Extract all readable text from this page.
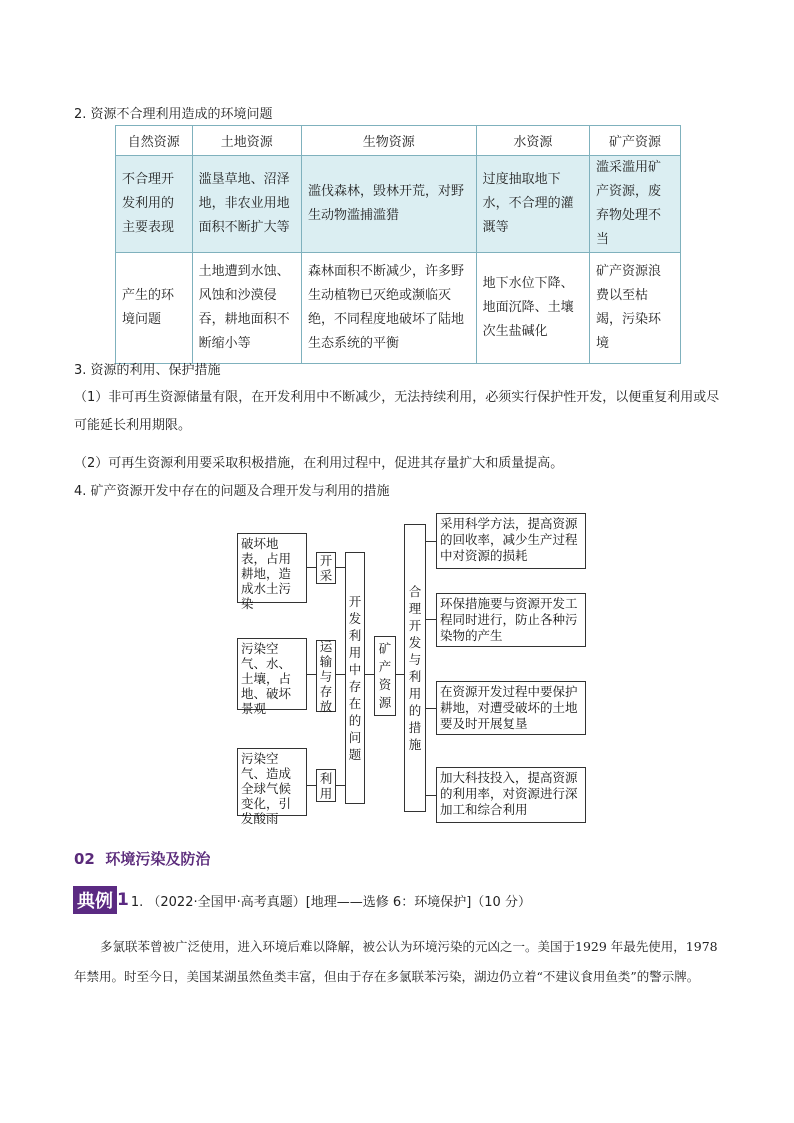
2. 资源不合理利用造成的环境问题
自然资源	土地资源	生物资源	水资源	矿产资源
不合理开发利用的主要表现	滥垦草地、沼泽地，非农业用地面积不断扩大等	滥伐森林，毁林开荒，对野生动物滥捕滥猎	过度抽取地下水，不合理的灌溉等	滥采滥用矿产资源，废弃物处理不当
产生的环境问题	土地遭到水蚀、风蚀和沙漠侵吞，耕地面积不断缩小等	森林面积不断减少，许多野生动植物已灭绝或濒临灭绝，不同程度地破坏了陆地生态系统的平衡	地下水位下降、地面沉降、土壤次生盐碱化	矿产资源浪费以至枯竭，污染环境
3. 资源的利用、保护措施
（1）非可再生资源储量有限，在开发利用中不断减少，无法持续利用，必须实行保护性开发，以便重复利用或尽可能延长利用期限。
（2）可再生资源利用要采取积极措施，在利用过程中，促进其存量扩大和质量提高。
4. 矿产资源开发中存在的问题及合理开发与利用的措施
破坏地表，占用耕地，造成水土污染
污染空气、水、土壤，占地、破坏景观
污染空气、造成全球气候变化，引发酸雨
开采
运输与存放
利用
开发利用中存在的问题
矿产资源
合理开发与利用的措施
采用科学方法，提高资源的回收率，减少生产过程中对资源的损耗
环保措施要与资源开发工程同时进行，防止各种污染物的产生
在资源开发过程中要保护耕地，对遭受破坏的土地要及时开展复垦
加大科技投入，提高资源的利用率，对资源进行深加工和综合利用
02 环境污染及防治
典例 1 1. （2022·全国甲·高考真题）[地理——选修 6：环境保护]（10 分）
多氯联苯曾被广泛使用，进入环境后难以降解，被公认为环境污染的元凶之一。美国于1929 年最先使用，1978 年禁用。时至今日，美国某湖虽然鱼类丰富，但由于存在多氯联苯污染，湖边仍立着“不建议食用鱼类”的警示牌。
